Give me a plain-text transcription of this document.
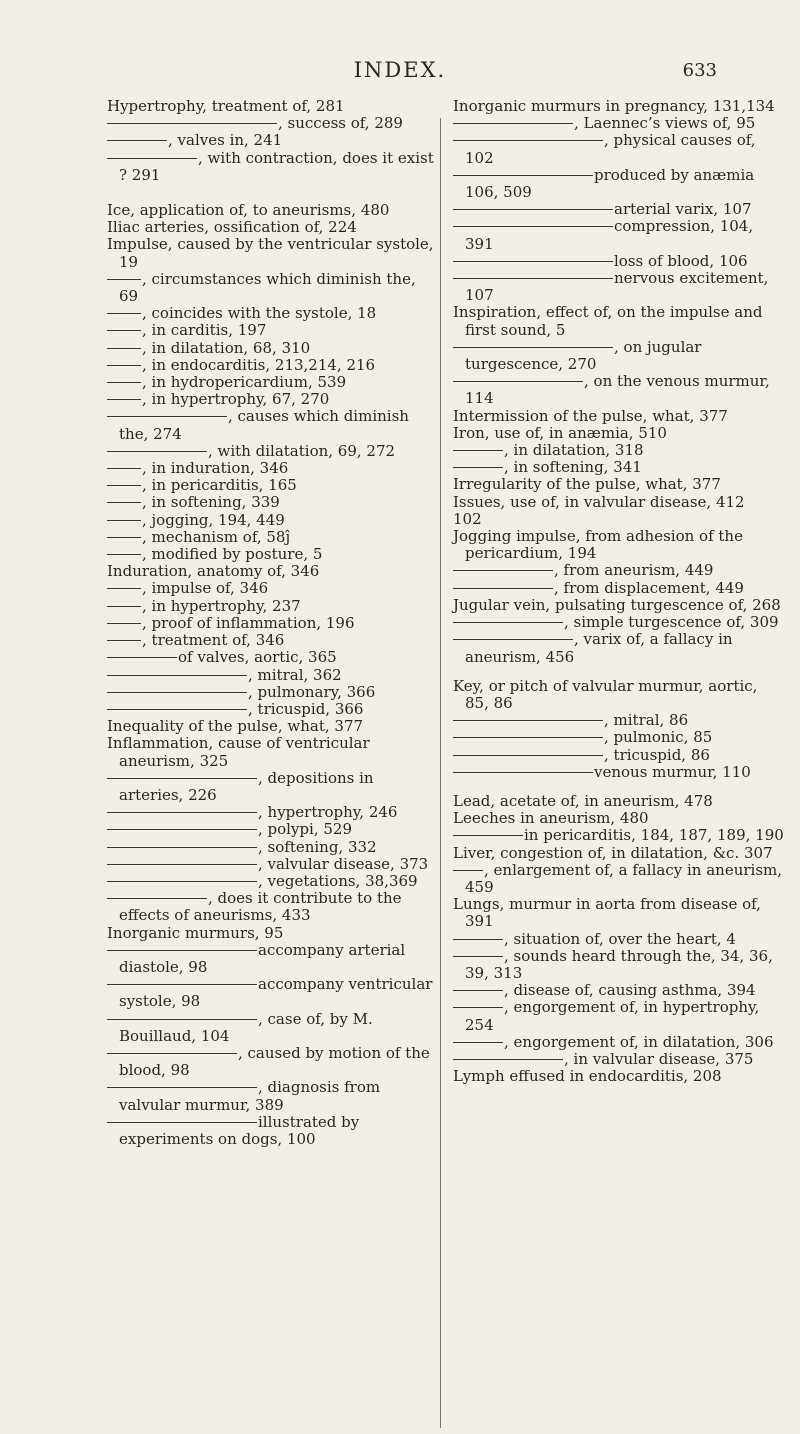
INDEX.	633
Hypertrophy, treatment of, 281
, success of, 289
, valves in, 241
, with contraction, does it exist ? 291
Ice, application of, to aneurisms, 480
Iliac arteries, ossification of, 224
Impulse, caused by the ventricular systole, 19
, circumstances which diminish the, 69
, coincides with the systole, 18
, in carditis, 197
, in dilatation, 68, 310
, in endocarditis, 213,214, 216
, in hydropericardium, 539
, in hypertrophy, 67, 270
, causes which diminish the, 274
, with dilatation, 69, 272
, in induration, 346
, in pericarditis, 165
, in softening, 339
, jogging, 194, 449
, mechanism of, 58ĵ
, modified by posture, 5
Induration, anatomy of, 346
, impulse of, 346
, in hypertrophy, 237
, proof of inflammation, 196
, treatment of, 346
of valves, aortic, 365
, mitral, 362
, pulmonary, 366
, tricuspid, 366
Inequality of the pulse, what, 377
Inflammation, cause of ventricular aneurism, 325
, depositions in arteries, 226
, hypertrophy, 246
, polypi, 529
, softening, 332
, valvular disease, 373
, vegetations, 38,369
, does it contribute to the effects of aneurisms, 433
Inorganic murmurs, 95
accompany arterial diastole, 98
accompany ventricular systole, 98
, case of, by M. Bouillaud, 104
, caused by motion of the blood, 98
, diagnosis from valvular murmur, 389
illustrated by experiments on dogs, 100
Inorganic murmurs in pregnancy, 131,134
, Laennec’s views of, 95
, physical causes of, 102
produced by anæmia 106, 509
arterial varix, 107
compression, 104, 391
loss of blood, 106
nervous excitement, 107
Inspiration, effect of, on the impulse and first sound, 5
, on jugular turgescence, 270
, on the venous murmur, 114
Intermission of the pulse, what, 377
Iron, use of, in anæmia, 510
, in dilatation, 318
, in softening, 341
Irregularity of the pulse, what, 377
Issues, use of, in valvular disease, 412
102
Jogging impulse, from adhesion of the pericardium, 194
, from aneurism, 449
, from displacement, 449
Jugular vein, pulsating turgescence of, 268
, simple turgescence of, 309
, varix of, a fallacy in aneurism, 456
Key, or pitch of valvular murmur, aortic, 85, 86
, mitral, 86
, pulmonic, 85
, tricuspid, 86
venous murmur, 110
Lead, acetate of, in aneurism, 478
Leeches in aneurism, 480
in pericarditis, 184, 187, 189, 190
Liver, congestion of, in dilatation, &c. 307
, enlargement of, a fallacy in aneurism, 459
Lungs, murmur in aorta from disease of, 391
, situation of, over the heart, 4
, sounds heard through the, 34, 36, 39, 313
, disease of, causing asthma, 394
, engorgement of, in hypertrophy, 254
, engorgement of, in dilatation, 306
, in valvular disease, 375
Lymph effused in endocarditis, 208
